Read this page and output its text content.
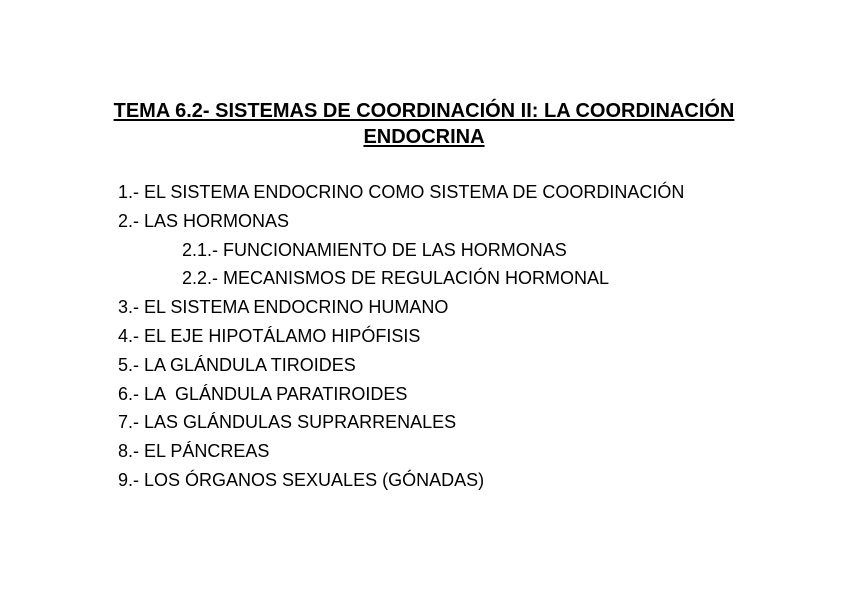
TEMA 6.2- SISTEMAS DE COORDINACIÓN II: LA COORDINACIÓN
ENDOCRINA
1.- EL SISTEMA ENDOCRINO COMO SISTEMA DE COORDINACIÓN
2.- LAS HORMONAS
2.1.- FUNCIONAMIENTO DE LAS HORMONAS
2.2.- MECANISMOS DE REGULACIÓN HORMONAL
3.- EL SISTEMA ENDOCRINO HUMANO
4.- EL EJE HIPOTÁLAMO HIPÓFISIS
5.- LA GLÁNDULA TIROIDES
6.- LA  GLÁNDULA PARATIROIDES
7.- LAS GLÁNDULAS SUPRARRENALES
8.- EL PÁNCREAS
9.- LOS ÓRGANOS SEXUALES (GÓNADAS)
